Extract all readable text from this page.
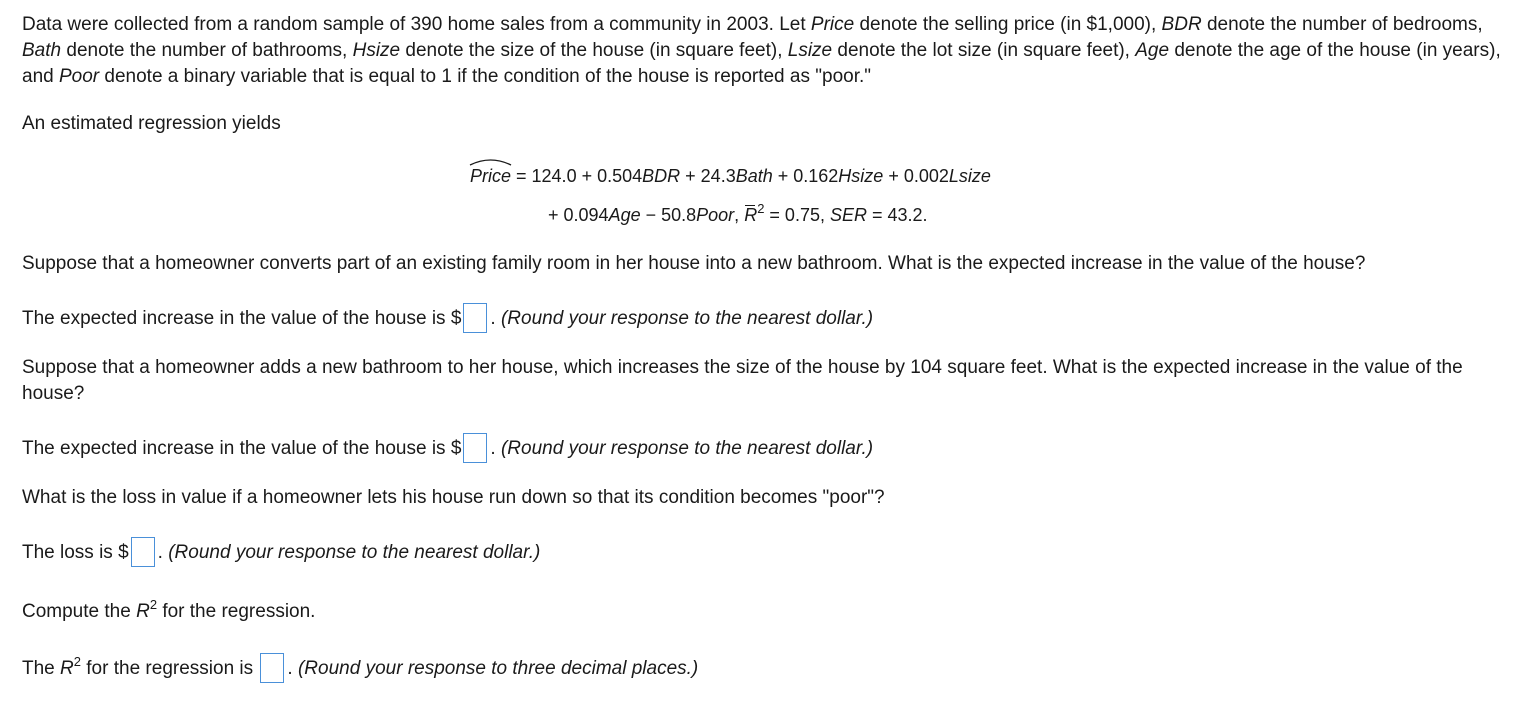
Data were collected from a random sample of 390 home sales from a community in 2003. Let Price denote the selling price (in $1,000), BDR denote the number of bedrooms, Bath denote the number of bathrooms, Hsize denote the size of the house (in square feet), Lsize denote the lot size (in square feet), Age denote the age of the house (in years), and Poor denote a binary variable that is equal to 1 if the condition of the house is reported as "poor."

An estimated regression yields

Price = 124.0 + 0.504BDR + 24.3Bath + 0.162Hsize + 0.002Lsize
+ 0.094Age − 50.8Poor,
$R^2 = 0.75$, SER = 43.2.

Suppose that a homeowner converts part of an existing family room in her house into a new bathroom. What is the expected increase in the value of the house?

The expected increase in the value of the house is $ . (Round your response to the nearest dollar.)

Suppose that a homeowner adds a new bathroom to her house, which increases the size of the house by 104 square feet. What is the expected increase in the value of the house?

The expected increase in the value of the house is $ . (Round your response to the nearest dollar.)

What is the loss in value if a homeowner lets his house run down so that its condition becomes "poor"?

The loss is $ . (Round your response to the nearest dollar.)

Compute the $R^2$ for the regression.

The $R^2$ for the regression is . (Round your response to three decimal places.)
